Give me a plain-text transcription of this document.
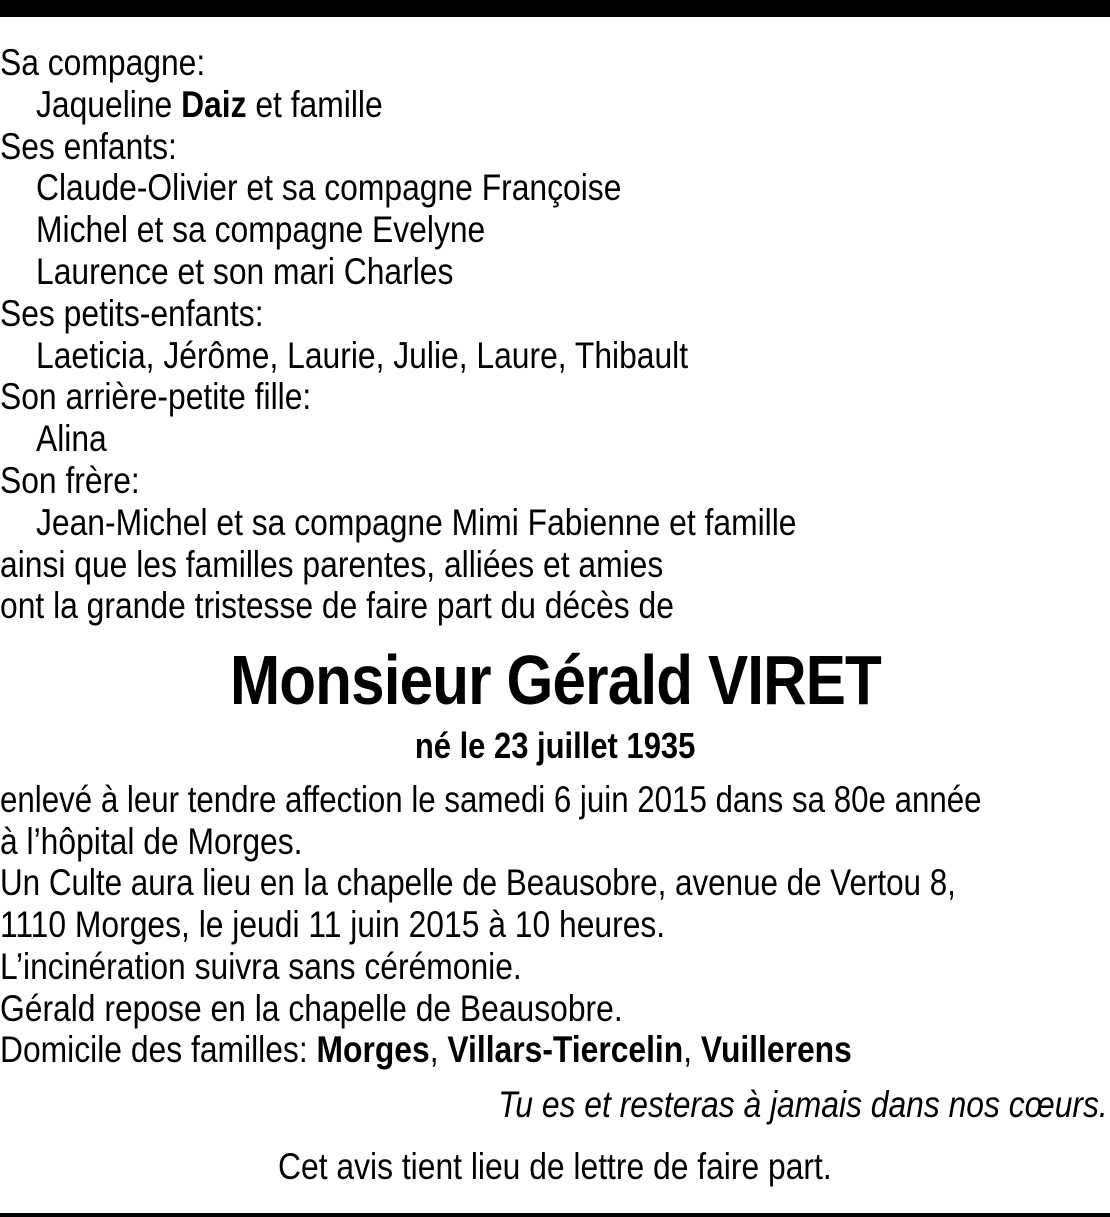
Sa compagne:
Jaqueline Daiz et famille
Ses enfants:
Claude-Olivier et sa compagne Françoise
Michel et sa compagne Evelyne
Laurence et son mari Charles
Ses petits-enfants:
Laeticia, Jérôme, Laurie, Julie, Laure, Thibault
Son arrière-petite fille:
Alina
Son frère:
Jean-Michel et sa compagne Mimi Fabienne et famille
ainsi que les familles parentes, alliées et amies
ont la grande tristesse de faire part du décès de
Monsieur Gérald VIRET
né le 23 juillet 1935
enlevé à leur tendre affection le samedi 6 juin 2015 dans sa 80e année
à l’hôpital de Morges.
Un Culte aura lieu en la chapelle de Beausobre, avenue de Vertou 8,
1110 Morges, le jeudi 11 juin 2015 à 10 heures.
L’incinération suivra sans cérémonie.
Gérald repose en la chapelle de Beausobre.
Domicile des familles: Morges, Villars-Tiercelin, Vuillerens
Tu es et resteras à jamais dans nos cœurs.
Cet avis tient lieu de lettre de faire part.
